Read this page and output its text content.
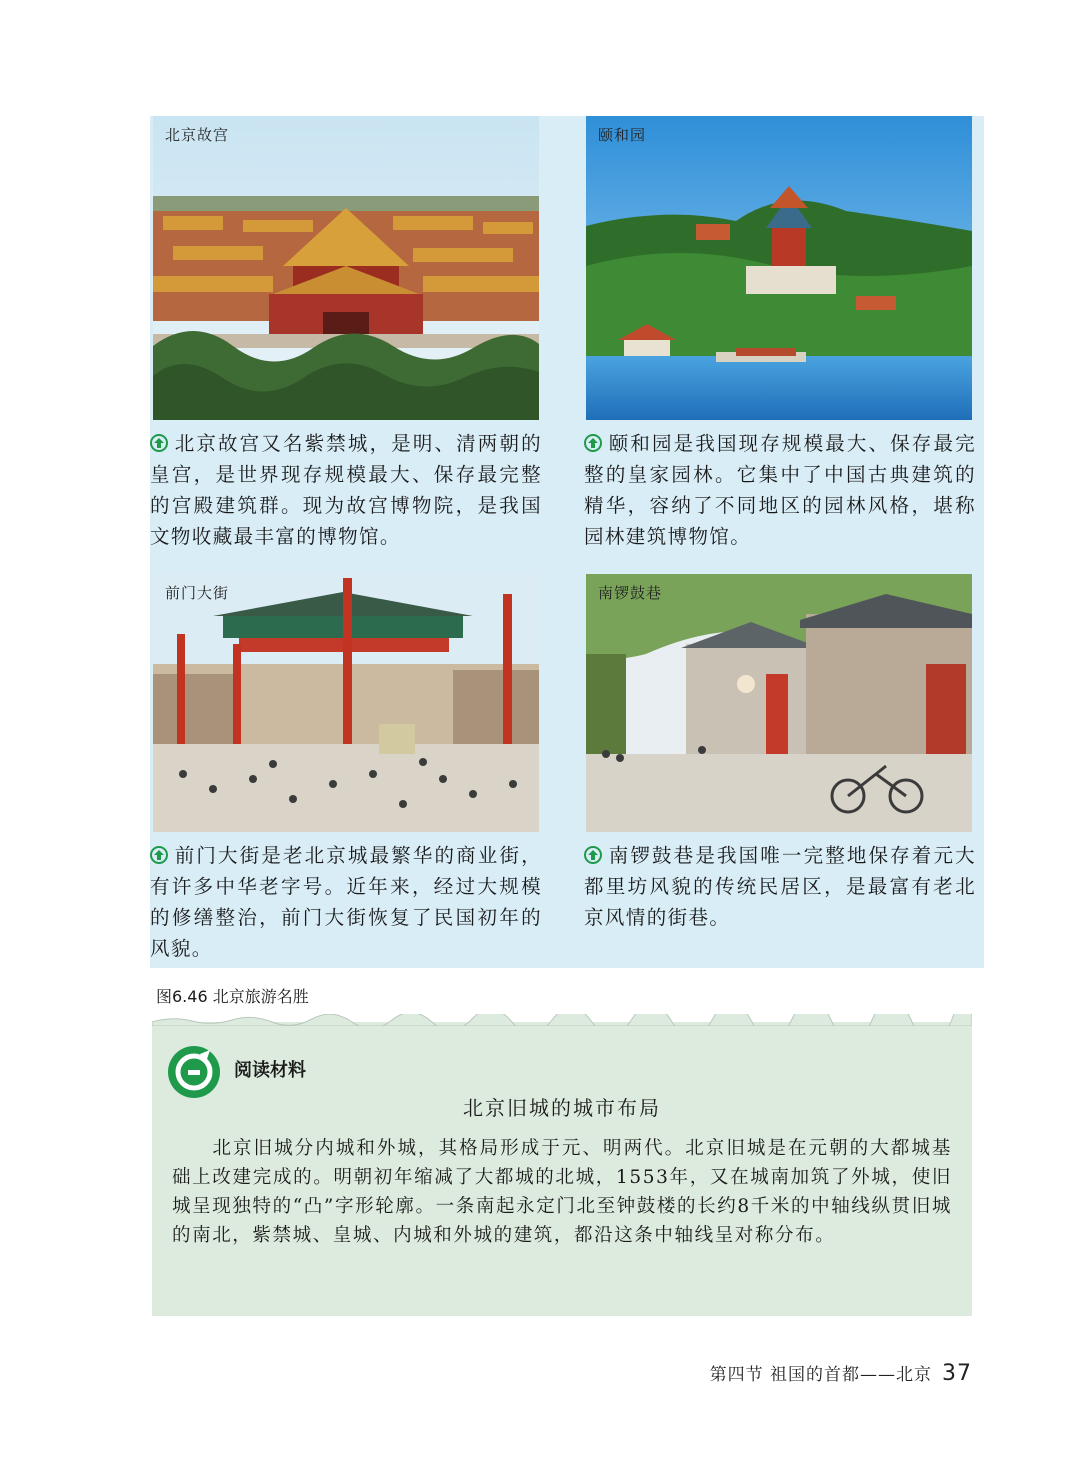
北京故宫
北京故宫又名紫禁城，是明、清两朝的皇宫，是世界现存规模最大、保存最完整的宫殿建筑群。现为故宫博物院，是我国文物收藏最丰富的博物馆。
颐和园
颐和园是我国现存规模最大、保存最完整的皇家园林。它集中了中国古典建筑的精华，容纳了不同地区的园林风格，堪称园林建筑博物馆。
前门大街
前门大街是老北京城最繁华的商业街，有许多中华老字号。近年来，经过大规模的修缮整治，前门大街恢复了民国初年的风貌。
南锣鼓巷
南锣鼓巷是我国唯一完整地保存着元大都里坊风貌的传统民居区，是最富有老北京风情的街巷。
图6.46 北京旅游名胜
阅读材料
北京旧城的城市布局
北京旧城分内城和外城，其格局形成于元、明两代。北京旧城是在元朝的大都城基础上改建完成的。明朝初年缩减了大都城的北城，1553年，又在城南加筑了外城，使旧城呈现独特的“凸”字形轮廓。一条南起永定门北至钟鼓楼的长约8千米的中轴线纵贯旧城的南北，紫禁城、皇城、内城和外城的建筑，都沿这条中轴线呈对称分布。
第四节 祖国的首都——北京 37
